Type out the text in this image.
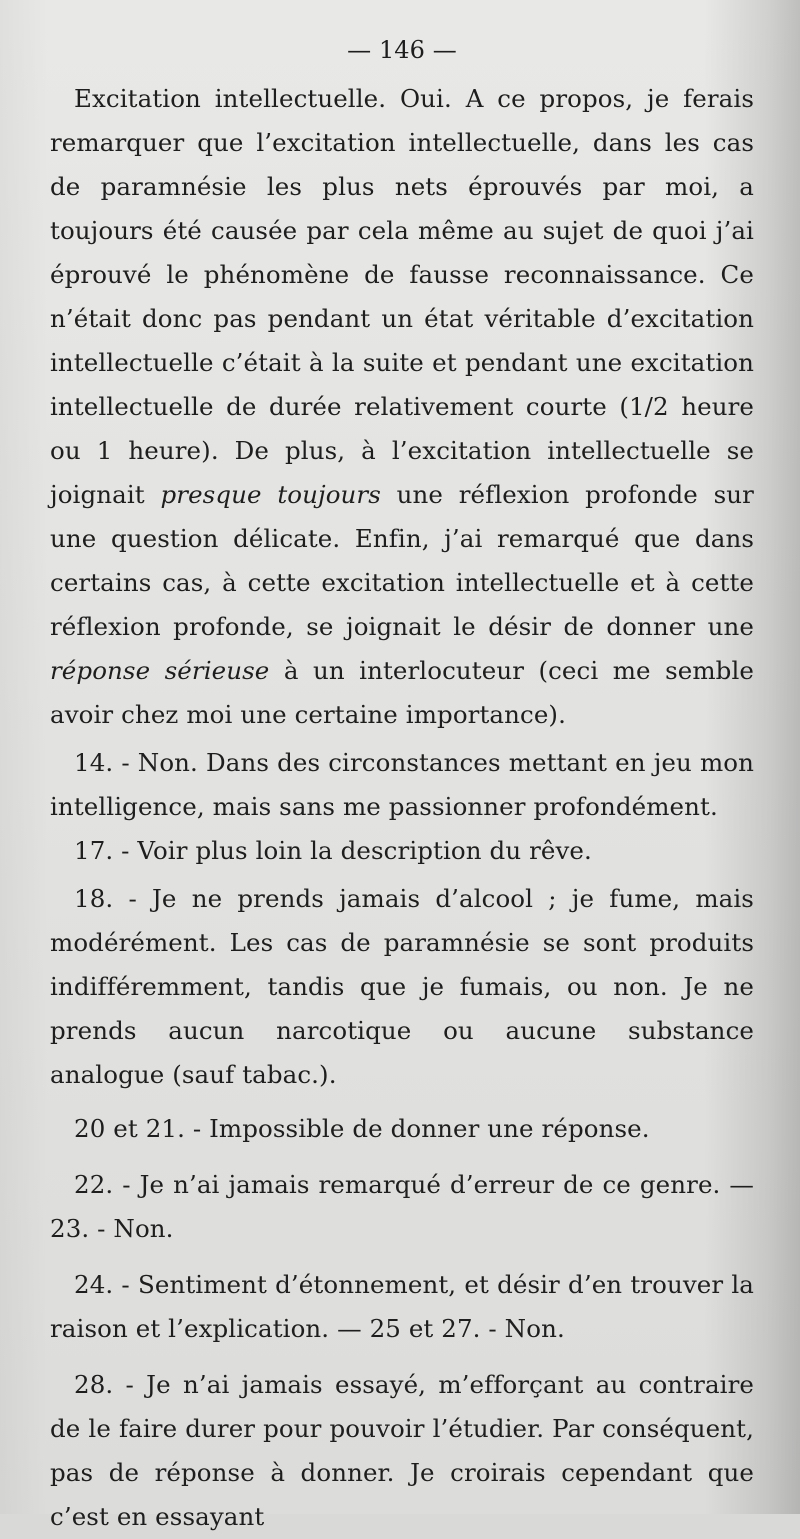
— 146 —

Excitation intellectuelle. Oui. A ce propos, je ferais remarquer que l’excitation intellectuelle, dans les cas de paramnésie les plus nets éprouvés par moi, a toujours été causée par cela même au sujet de quoi j’ai éprouvé le phénomène de fausse reconnaissance. Ce n’était donc pas pendant un état véritable d’excitation intellectuelle c’était à la suite et pendant une excitation intellectuelle de durée relativement courte (1/2 heure ou 1 heure). De plus, à l’excitation intellectuelle se joignait presque toujours une réflexion profonde sur une question délicate. Enfin, j’ai remarqué que dans certains cas, à cette excitation intellectuelle et à cette réflexion profonde, se joignait le désir de donner une réponse sérieuse à un interlocuteur (ceci me semble avoir chez moi une certaine importance).

14. - Non. Dans des circonstances mettant en jeu mon intelligence, mais sans me passionner profondément.

17. - Voir plus loin la description du rêve.

18. - Je ne prends jamais d’alcool ; je fume, mais modérément. Les cas de paramnésie se sont produits indifféremment, tandis que je fumais, ou non. Je ne prends aucun narcotique ou aucune substance analogue (sauf tabac.).

20 et 21. - Impossible de donner une réponse.

22. - Je n’ai jamais remarqué d’erreur de ce genre. — 23. - Non.

24. - Sentiment d’étonnement, et désir d’en trouver la raison et l’explication. — 25 et 27. - Non.

28. - Je n’ai jamais essayé, m’efforçant au contraire de le faire durer pour pouvoir l’étudier. Par conséquent, pas de réponse à donner. Je croirais cependant que c’est en essayant
